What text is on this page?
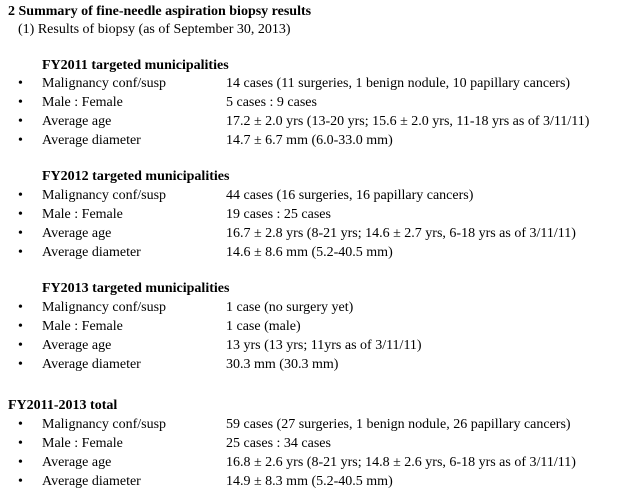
2 Summary of fine-needle aspiration biopsy results
(1) Results of biopsy (as of September 30, 2013)
FY2011 targeted municipalities
• Malignancy conf/susp	14 cases (11 surgeries, 1 benign nodule, 10 papillary cancers)
• Male : Female	5 cases : 9 cases
• Average age	17.2 ± 2.0 yrs (13-20 yrs; 15.6 ± 2.0 yrs, 11-18 yrs as of 3/11/11)
• Average diameter	14.7 ± 6.7 mm (6.0-33.0 mm)
FY2012 targeted municipalities
• Malignancy conf/susp	44 cases (16 surgeries, 16 papillary cancers)
• Male : Female	19 cases : 25 cases
• Average age	16.7 ± 2.8 yrs (8-21 yrs; 14.6 ± 2.7 yrs, 6-18 yrs as of 3/11/11)
• Average diameter	14.6 ± 8.6 mm (5.2-40.5 mm)
FY2013 targeted municipalities
• Malignancy conf/susp	1 case (no surgery yet)
• Male : Female	1 case (male)
• Average age	13 yrs (13 yrs; 11yrs as of 3/11/11)
• Average diameter	30.3 mm (30.3 mm)
FY2011-2013 total
• Malignancy conf/susp	59 cases (27 surgeries, 1 benign nodule, 26 papillary cancers)
• Male : Female	25 cases : 34 cases
• Average age	16.8 ± 2.6 yrs (8-21 yrs; 14.8 ± 2.6 yrs, 6-18 yrs as of 3/11/11)
• Average diameter	14.9 ± 8.3 mm (5.2-40.5 mm)
